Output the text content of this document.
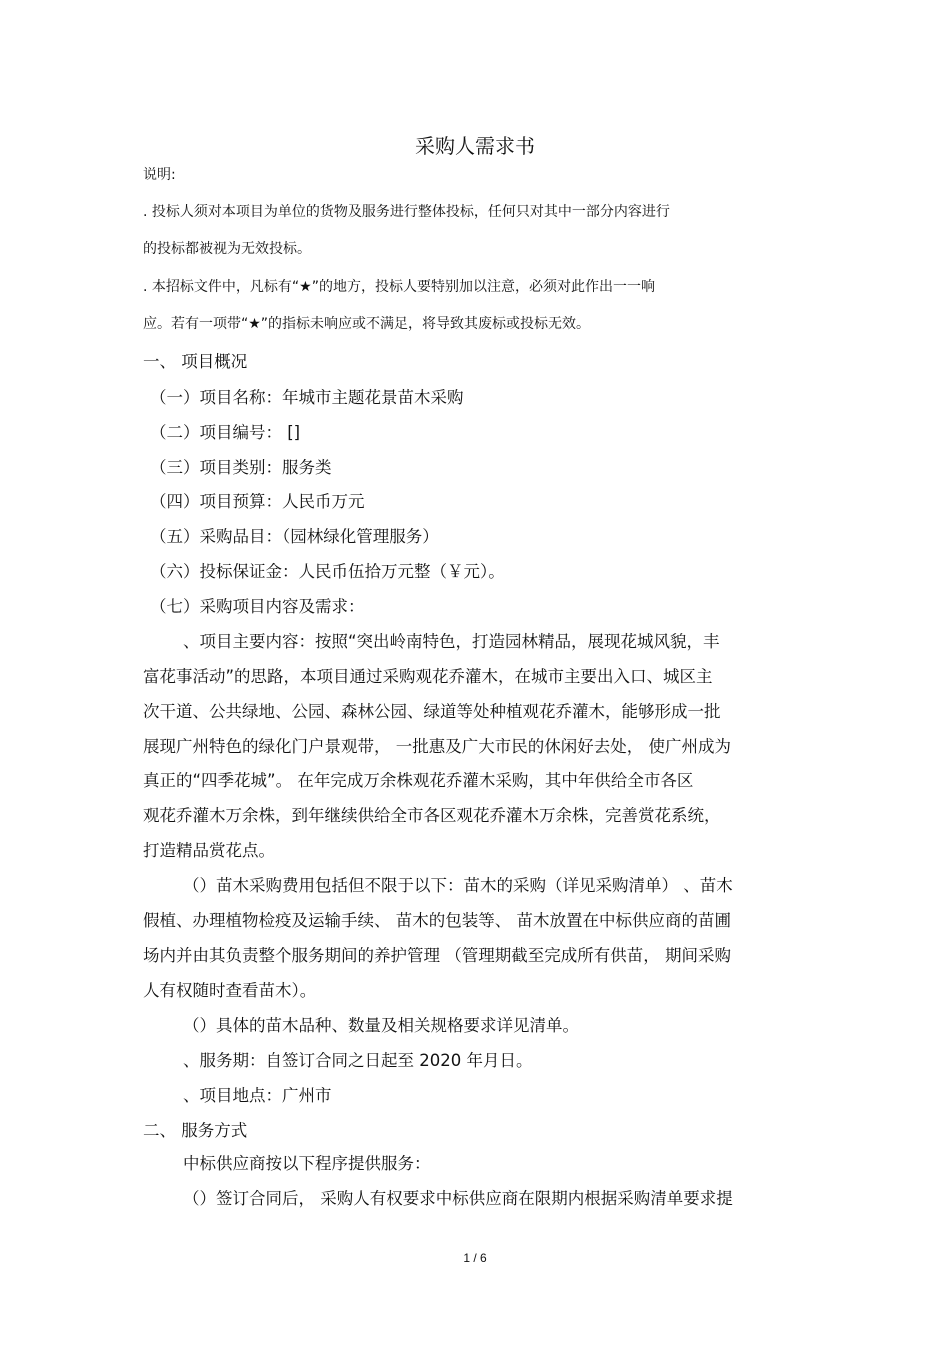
采购人需求书
说明:
. 投标人须对本项目为单位的货物及服务进行整体投标，任何只对其中一部分内容进行
的投标都被视为无效投标。
. 本招标文件中，凡标有“★”的地方，投标人要特别加以注意，必须对此作出一一响
应。若有一项带“★”的指标未响应或不满足，将导致其废标或投标无效。
一、 项目概况
（一）项目名称：年城市主题花景苗木采购
（二）项目编号： []
（三）项目类别：服务类
（四）项目预算：人民币万元
（五）采购品目：（园林绿化管理服务）
（六）投标保证金：人民币伍拾万元整（￥元）。
（七）采购项目内容及需求：
、项目主要内容：按照“突出岭南特色，打造园林精品，展现花城风貌，丰
富花事活动”的思路，本项目通过采购观花乔灌木，在城市主要出入口、城区主
次干道、公共绿地、公园、森林公园、绿道等处种植观花乔灌木，能够形成一批
展现广州特色的绿化门户景观带， 一批惠及广大市民的休闲好去处， 使广州成为
真正的“四季花城”。 在年完成万余株观花乔灌木采购，其中年供给全市各区
观花乔灌木万余株，到年继续供给全市各区观花乔灌木万余株，完善赏花系统，
打造精品赏花点。
（）苗木采购费用包括但不限于以下：苗木的采购（详见采购清单） 、苗木
假植、办理植物检疫及运输手续、 苗木的包装等、 苗木放置在中标供应商的苗圃
场内并由其负责整个服务期间的养护管理 （管理期截至完成所有供苗， 期间采购
人有权随时查看苗木）。
（）具体的苗木品种、数量及相关规格要求详见清单。
、服务期：自签订合同之日起至 2020 年月日。
、项目地点：广州市
二、 服务方式
中标供应商按以下程序提供服务：
（）签订合同后， 采购人有权要求中标供应商在限期内根据采购清单要求提
1 / 6
